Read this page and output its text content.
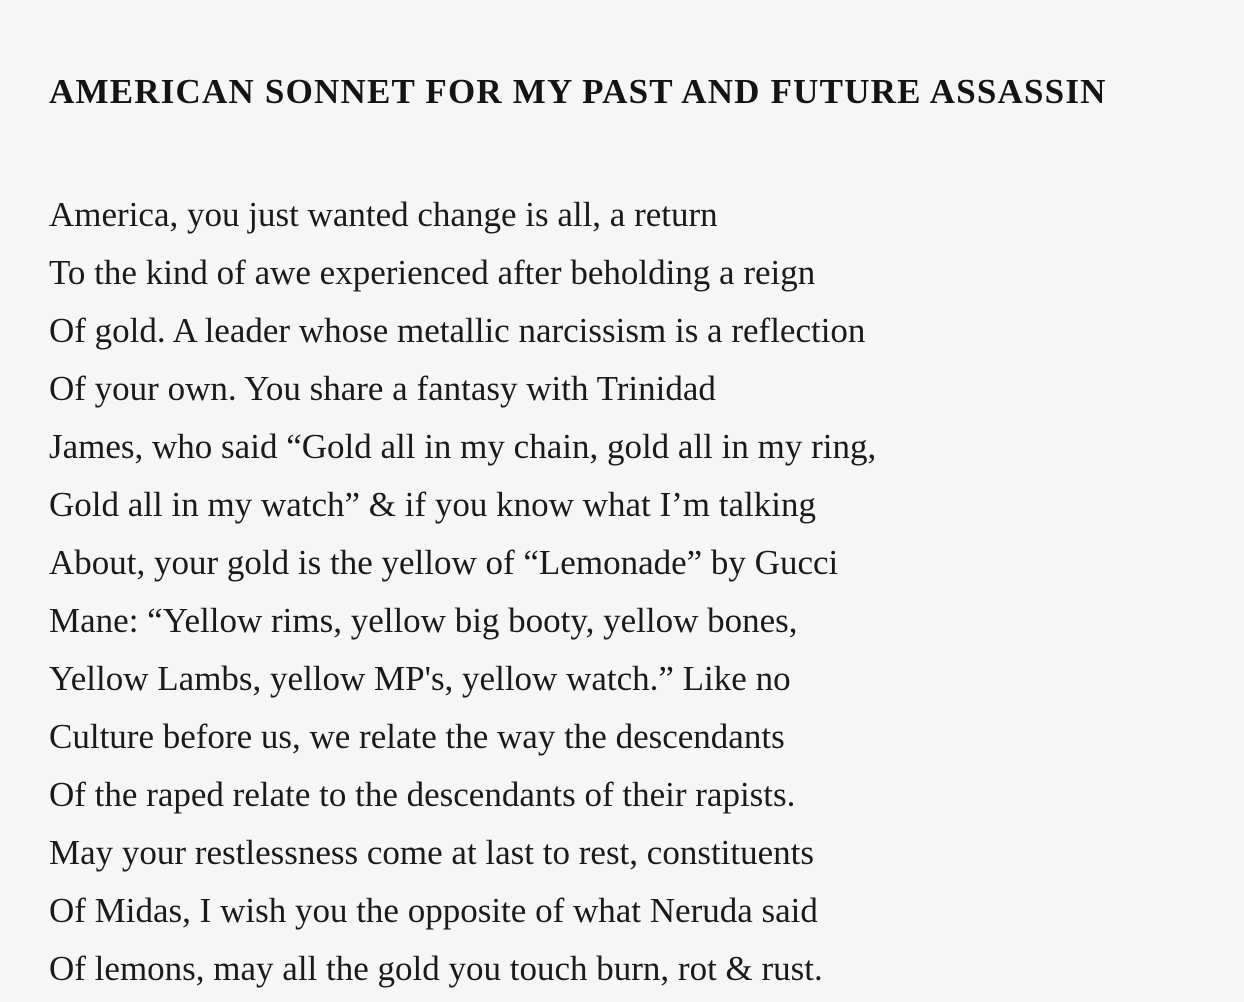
AMERICAN SONNET FOR MY PAST AND FUTURE ASSASSIN
America, you just wanted change is all, a return
To the kind of awe experienced after beholding a reign
Of gold. A leader whose metallic narcissism is a reflection
Of your own. You share a fantasy with Trinidad
James, who said “Gold all in my chain, gold all in my ring,
Gold all in my watch” & if you know what I’m talking
About, your gold is the yellow of “Lemonade” by Gucci
Mane: “Yellow rims, yellow big booty, yellow bones,
Yellow Lambs, yellow MP's, yellow watch.” Like no
Culture before us, we relate the way the descendants
Of the raped relate to the descendants of their rapists.
May your restlessness come at last to rest, constituents
Of Midas, I wish you the opposite of what Neruda said
Of lemons, may all the gold you touch burn, rot & rust.
